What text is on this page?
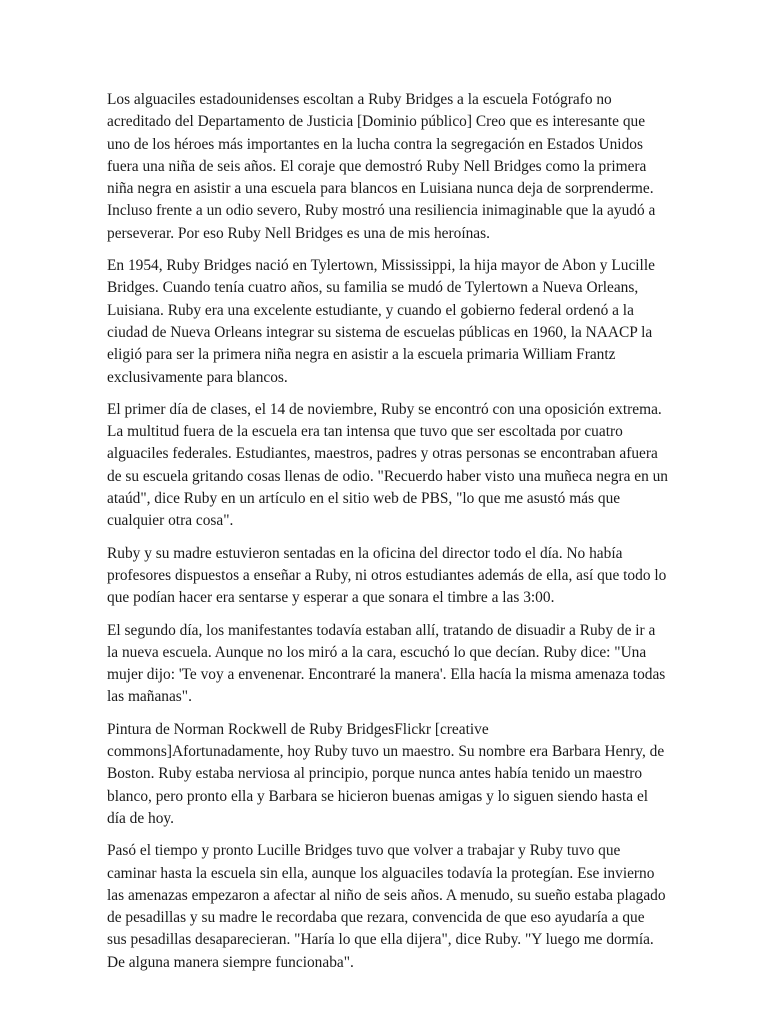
Los alguaciles estadounidenses escoltan a Ruby Bridges a la escuela Fotógrafo no acreditado del Departamento de Justicia [Dominio público] Creo que es interesante que uno de los héroes más importantes en la lucha contra la segregación en Estados Unidos fuera una niña de seis años. El coraje que demostró Ruby Nell Bridges como la primera niña negra en asistir a una escuela para blancos en Luisiana nunca deja de sorprenderme. Incluso frente a un odio severo, Ruby mostró una resiliencia inimaginable que la ayudó a perseverar. Por eso Ruby Nell Bridges es una de mis heroínas.

En 1954, Ruby Bridges nació en Tylertown, Mississippi, la hija mayor de Abon y Lucille Bridges. Cuando tenía cuatro años, su familia se mudó de Tylertown a Nueva Orleans, Luisiana. Ruby era una excelente estudiante, y cuando el gobierno federal ordenó a la ciudad de Nueva Orleans integrar su sistema de escuelas públicas en 1960, la NAACP la eligió para ser la primera niña negra en asistir a la escuela primaria William Frantz exclusivamente para blancos.

El primer día de clases, el 14 de noviembre, Ruby se encontró con una oposición extrema. La multitud fuera de la escuela era tan intensa que tuvo que ser escoltada por cuatro alguaciles federales. Estudiantes, maestros, padres y otras personas se encontraban afuera de su escuela gritando cosas llenas de odio. "Recuerdo haber visto una muñeca negra en un ataúd", dice Ruby en un artículo en el sitio web de PBS, "lo que me asustó más que cualquier otra cosa".

Ruby y su madre estuvieron sentadas en la oficina del director todo el día. No había profesores dispuestos a enseñar a Ruby, ni otros estudiantes además de ella, así que todo lo que podían hacer era sentarse y esperar a que sonara el timbre a las 3:00.

El segundo día, los manifestantes todavía estaban allí, tratando de disuadir a Ruby de ir a la nueva escuela. Aunque no los miró a la cara, escuchó lo que decían. Ruby dice: "Una mujer dijo: 'Te voy a envenenar. Encontraré la manera'. Ella hacía la misma amenaza todas las mañanas".

Pintura de Norman Rockwell de Ruby BridgesFlickr [creative commons]Afortunadamente, hoy Ruby tuvo un maestro. Su nombre era Barbara Henry, de Boston. Ruby estaba nerviosa al principio, porque nunca antes había tenido un maestro blanco, pero pronto ella y Barbara se hicieron buenas amigas y lo siguen siendo hasta el día de hoy.

Pasó el tiempo y pronto Lucille Bridges tuvo que volver a trabajar y Ruby tuvo que caminar hasta la escuela sin ella, aunque los alguaciles todavía la protegían. Ese invierno las amenazas empezaron a afectar al niño de seis años. A menudo, su sueño estaba plagado de pesadillas y su madre le recordaba que rezara, convencida de que eso ayudaría a que sus pesadillas desaparecieran. "Haría lo que ella dijera", dice Ruby. "Y luego me dormía. De alguna manera siempre funcionaba".
